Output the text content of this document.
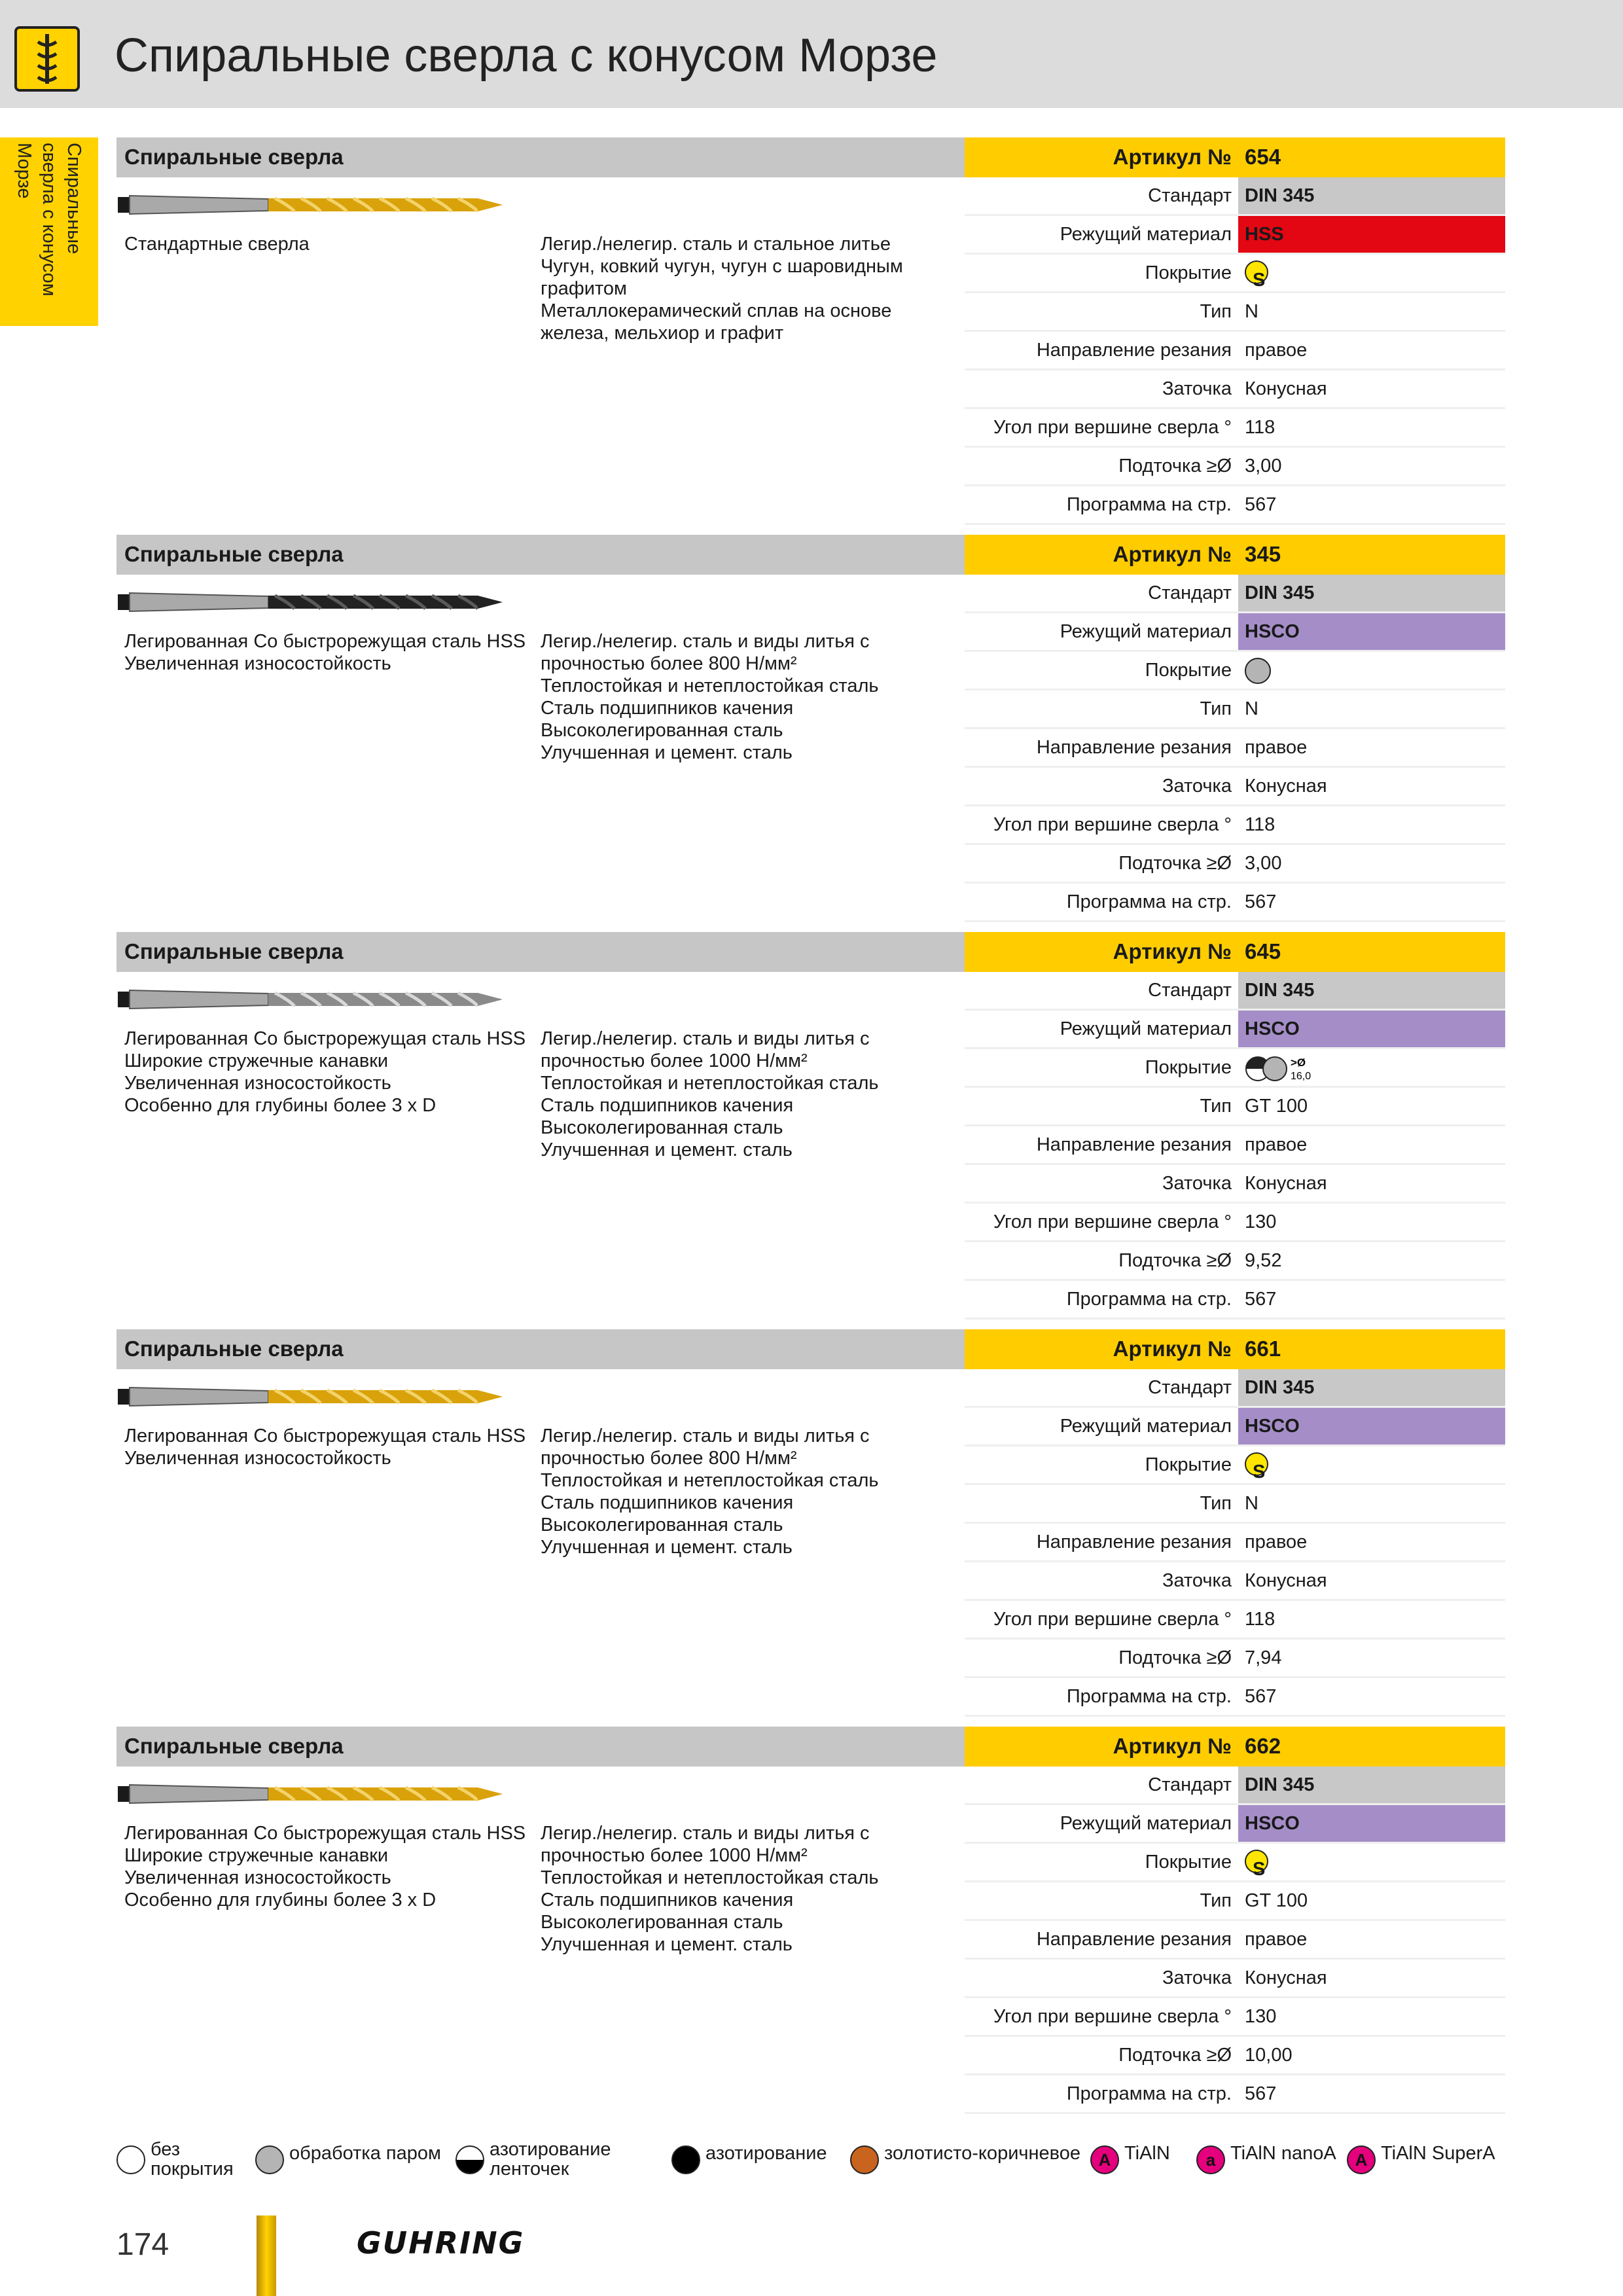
Спиральные сверла с конусом Морзе
Спиральные сверла с конусом Морзе	Спиральные сверла	Артикул № 654
Стандартные сверла	Легир./нелегир. сталь и стальное литье
Чугун, ковкий чугун, чугун с шаровидным
графитом
Металлокерамический сплав на основе
железа, мельхиор и графит
Стандарт DIN 345
Режущий материал HSS
Покрытие S
Тип N
Направление резания правое
Заточка Конусная
Угол при вершине сверла ° 118
Подточка ≥Ø 3,00
Программа на стр. 567
Спиральные сверла	Артикул № 345
Легированная Co быстрорежущая сталь HSS
Увеличенная износостойкость
Легир./нелегир. сталь и виды литья с
прочностью более 800 Н/мм²
Теплостойкая и нетеплостойкая сталь
Сталь подшипников качения
Высоколегированная сталь
Улучшенная и цемент. сталь
Стандарт DIN 345
Режущий материал HSCO
Покрытие
Тип N
Направление резания правое
Заточка Конусная
Угол при вершине сверла ° 118
Подточка ≥Ø 3,00
Программа на стр. 567
Спиральные сверла	Артикул № 645
Легированная Co быстрорежущая сталь HSS
Широкие стружечные канавки
Увеличенная износостойкость
Особенно для глубины более 3 x D
Легир./нелегир. сталь и виды литья с
прочностью более 1000 Н/мм²
Теплостойкая и нетеплостойкая сталь
Сталь подшипников качения
Высоколегированная сталь
Улучшенная и цемент. сталь
Стандарт DIN 345
Режущий материал HSCO
Покрытие	>Ø
16,0
Тип GT 100
Направление резания правое
Заточка Конусная
Угол при вершине сверла ° 130
Подточка ≥Ø 9,52
Программа на стр. 567
Спиральные сверла	Артикул № 661
Легированная Co быстрорежущая сталь HSS
Увеличенная износостойкость
Легир./нелегир. сталь и виды литья с
прочностью более 800 Н/мм²
Теплостойкая и нетеплостойкая сталь
Сталь подшипников качения
Высоколегированная сталь
Улучшенная и цемент. сталь
Стандарт DIN 345
Режущий материал HSCO
Покрытие S
Тип N
Направление резания правое
Заточка Конусная
Угол при вершине сверла ° 118
Подточка ≥Ø 7,94
Программа на стр. 567
Спиральные сверла	Артикул № 662
Легированная Co быстрорежущая сталь HSS
Широкие стружечные канавки
Увеличенная износостойкость
Особенно для глубины более 3 x D
Легир./нелегир. сталь и виды литья с
прочностью более 1000 Н/мм²
Теплостойкая и нетеплостойкая сталь
Сталь подшипников качения
Высоколегированная сталь
Улучшенная и цемент. сталь
Стандарт DIN 345
Режущий материал HSCO
Покрытие S
Тип GT 100
Направление резания правое
Заточка Конусная
Угол при вершине сверла ° 130
Подточка ≥Ø 10,00
Программа на стр. 567
без
покрытия
обработка паром	азотирование
ленточек
азотирование	золотисто-коричневое	A TiAlN	a TiAlN nanoA	A TiAlN SuperA
174	GUHRING
